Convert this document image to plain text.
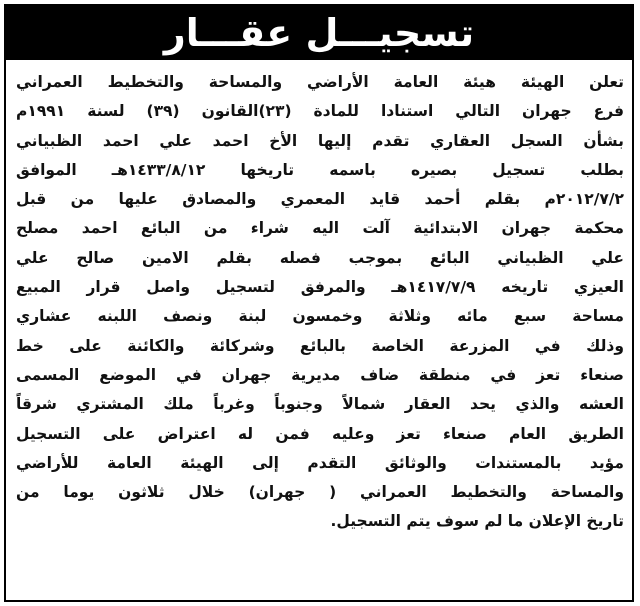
تسجيـــل عقـــار
تعلن الهيئة هيئة العامة الأراضي والمساحة والتخطيط العمراني
فرع جهران التالي استنادا للمادة (٢٣)القانون (٣٩) لسنة ١٩٩١م
بشأن السجل العقاري تقدم إليها الأخ احمد علي احمد الظبياني
بطلب تسجيل بصيره باسمه تاريخها ١٤٣٣/٨/١٢هـ الموافق
٢٠١٢/٧/٢م بقلم أحمد قايد المعمري والمصادق عليها من قبل
محكمة جهران الابتدائية آلت اليه شراء من البائع احمد مصلح
علي الظبياني البائع بموجب فصله بقلم الامين صالح علي
العيزي تاريخه ١٤١٧/٧/٩هـ والمرفق لتسجيل واصل قرار المبيع
مساحة سبع مائه وثلاثة وخمسون لبنة ونصف اللبنه عشاري
وذلك في المزرعة الخاصة بالبائع وشركائة والكائنة على خط
صنعاء تعز في منطقة ضاف مديرية جهران في الموضع المسمى
العشه والذي يحد العقار شمالاً وجنوباً وغرباً ملك المشتري شرقاً
الطريق العام صنعاء تعز وعليه فمن له اعتراض على التسجيل
مؤيد بالمستندات والوثائق التقدم إلى الهيئة العامة للأراضي
والمساحة والتخطيط العمراني ( جهران) خلال ثلاثون يوما من
تاريخ الإعلان ما لم سوف يتم التسجيل.
